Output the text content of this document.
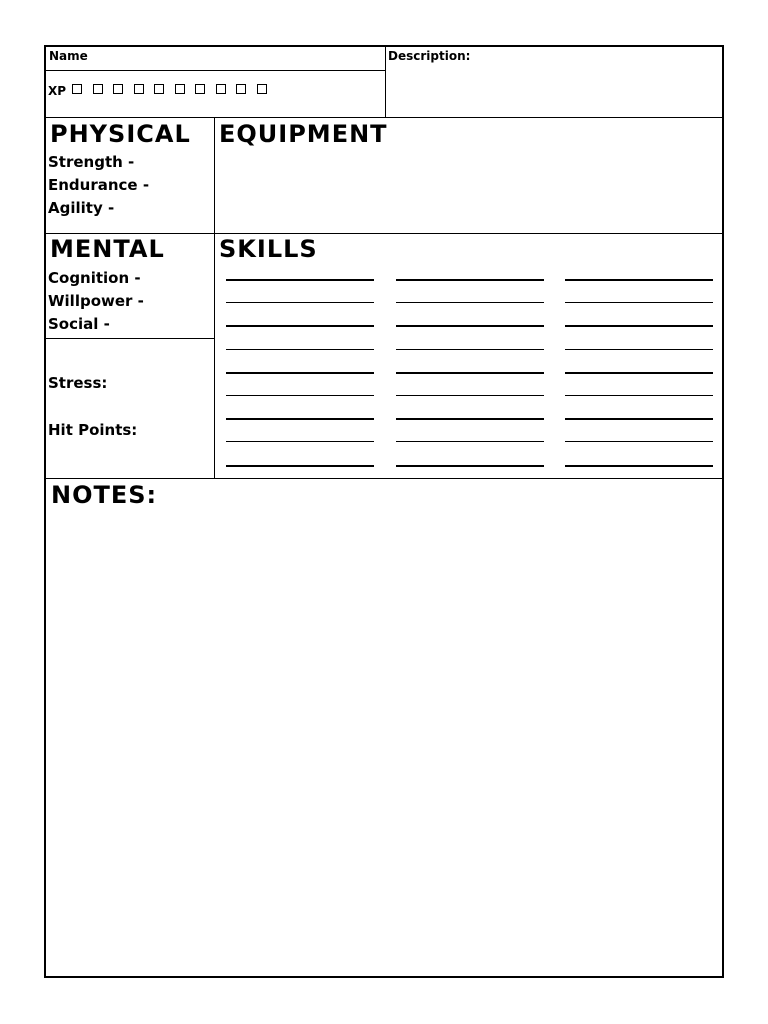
Name	Description:
XP
PHYSICAL
Strength -
Endurance -
Agility -
EQUIPMENT
MENTAL
Cognition -
Willpower -
Social -
Stress:
Hit Points:
SKILLS
NOTES:
